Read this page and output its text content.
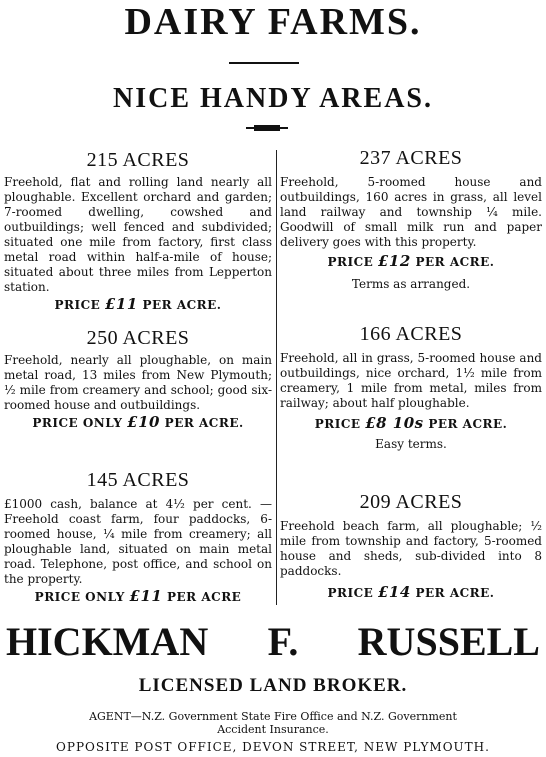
DAIRY FARMS.
NICE HANDY AREAS.
215 ACRES
Freehold, flat and rolling land nearly all ploughable. Excellent orchard and garden; 7-roomed dwelling, cowshed and outbuildings; well fenced and subdivided; situated one mile from factory, first class metal road within half-a-mile of house; situated about three miles from Lepperton station.
PRICE £11 PER ACRE.
250 ACRES
Freehold, nearly all ploughable, on main metal road, 13 miles from New Plymouth; ½ mile from creamery and school; good six-roomed house and outbuildings.
PRICE ONLY £10 PER ACRE.
145 ACRES
£1000 cash, balance at 4½ per cent. —Freehold coast farm, four paddocks, 6-roomed house, ¼ mile from creamery; all ploughable land, situated on main metal road. Telephone, post office, and school on the property.
PRICE ONLY £11 PER ACRE
237 ACRES
Freehold, 5-roomed house and outbuildings, 160 acres in grass, all level land railway and township ¼ mile. Goodwill of small milk run and paper delivery goes with this property.
PRICE £12 PER ACRE.
Terms as arranged.
166 ACRES
Freehold, all in grass, 5-roomed house and outbuildings, nice orchard, 1½ mile from creamery, 1 mile from metal, miles from railway; about half ploughable.
PRICE £8 10s PER ACRE.
Easy terms.
209 ACRES
Freehold beach farm, all ploughable; ½ mile from township and factory, 5-roomed house and sheds, sub-divided into 8 paddocks.
PRICE £14 PER ACRE.
HICKMAN F. RUSSELL
LICENSED LAND BROKER.
AGENT—N.Z. Government State Fire Office and N.Z. Government
Accident Insurance.
OPPOSITE POST OFFICE, DEVON STREET, NEW PLYMOUTH.
